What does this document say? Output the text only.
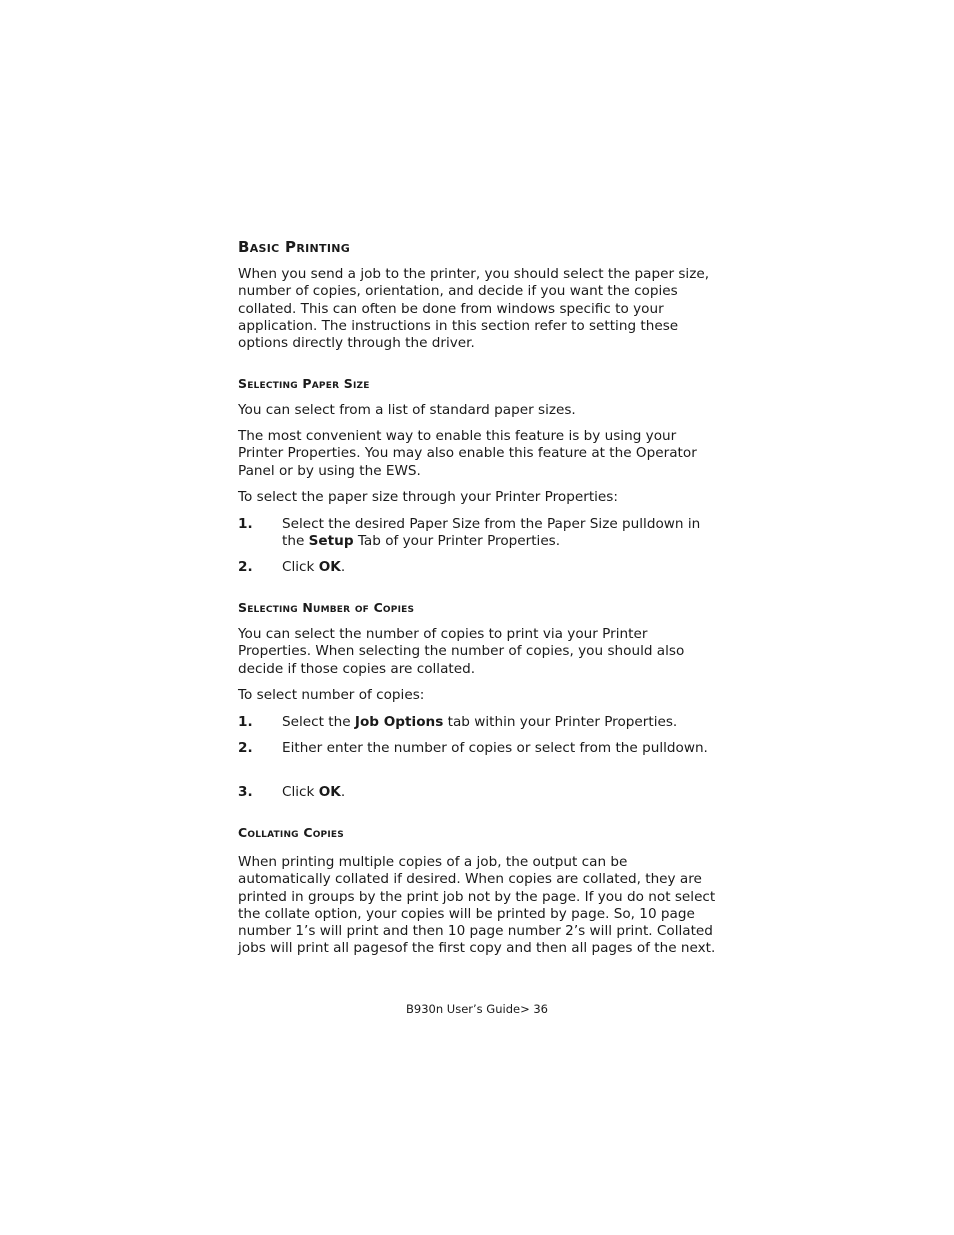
Basic Printing

When you send a job to the printer, you should select the paper size, number of copies, orientation, and decide if you want the copies collated. This can often be done from windows specific to your application. The instructions in this section refer to setting these options directly through the driver.

Selecting Paper Size

You can select from a list of standard paper sizes.

The most convenient way to enable this feature is by using your Printer Properties. You may also enable this feature at the Operator Panel or by using the EWS.

To select the paper size through your Printer Properties:

1. Select the desired Paper Size from the Paper Size pulldown in the Setup Tab of your Printer Properties.
2. Click OK.
Selecting Number of Copies

You can select the number of copies to print via your Printer Properties. When selecting the number of copies, you should also decide if those copies are collated.

To select number of copies:

1. Select the Job Options tab within your Printer Properties.
2. Either enter the number of copies or select from the pulldown.
3. Click OK.
Collating Copies

When printing multiple copies of a job, the output can be automatically collated if desired. When copies are collated, they are printed in groups by the print job not by the page. If you do not select the collate option, your copies will be printed by page. So, 10 page number 1’s will print and then 10 page number 2’s will print. Collated jobs will print all pagesof the first copy and then all pages of the next.

B930n User’s Guide> 36
